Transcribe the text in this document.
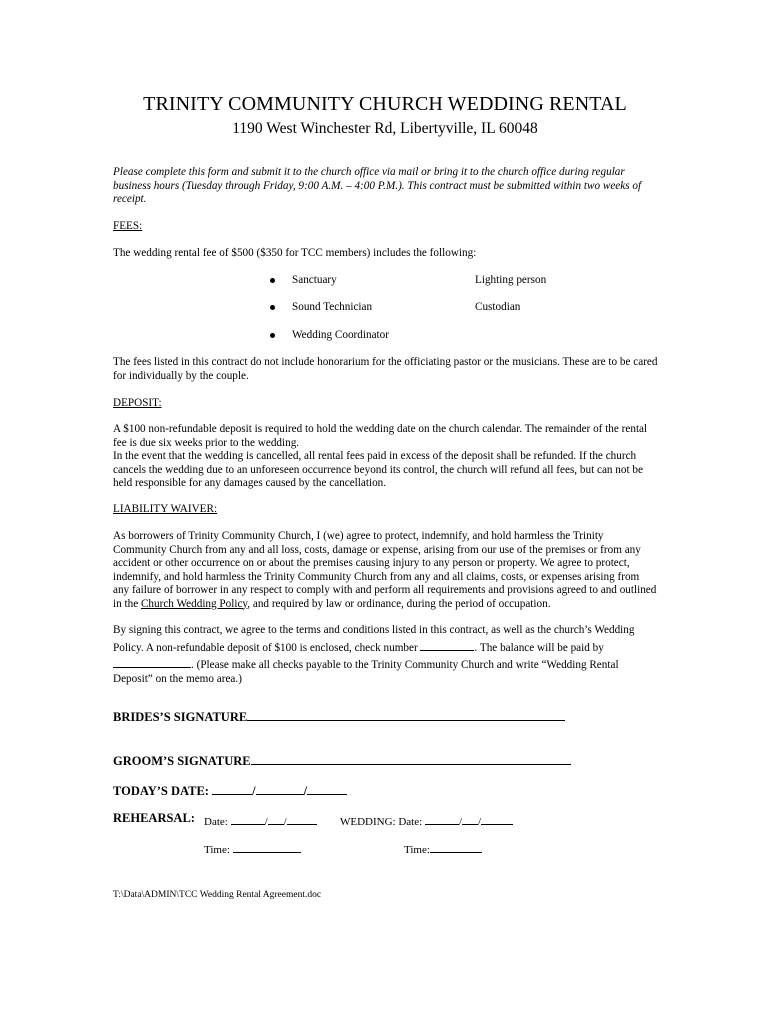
TRINITY COMMUNITY CHURCH WEDDING RENTAL
1190 West Winchester Rd, Libertyville, IL 60048
Please complete this form and submit it to the church office via mail or bring it to the church office during regular business hours (Tuesday through Friday, 9:00 A.M. – 4:00 P.M.). This contract must be submitted within two weeks of receipt.
FEES:
The wedding rental fee of $500 ($350 for TCC members) includes the following:
Sanctuary
Sound Technician
Wedding Coordinator
Lighting person
Custodian
The fees listed in this contract do not include honorarium for the officiating pastor or the musicians. These are to be cared for individually by the couple.
DEPOSIT:
A $100 non-refundable deposit is required to hold the wedding date on the church calendar. The remainder of the rental fee is due six weeks prior to the wedding.
In the event that the wedding is cancelled, all rental fees paid in excess of the deposit shall be refunded. If the church cancels the wedding due to an unforeseen occurrence beyond its control, the church will refund all fees, but can not be held responsible for any damages caused by the cancellation.
LIABILITY WAIVER:
As borrowers of Trinity Community Church, I (we) agree to protect, indemnify, and hold harmless the Trinity Community Church from any and all loss, costs, damage or expense, arising from our use of the premises or from any accident or other occurrence on or about the premises causing injury to any person or property. We agree to protect, indemnify, and hold harmless the Trinity Community Church from any and all claims, costs, or expenses arising from any failure of borrower in any respect to comply with and perform all requirements and provisions agreed to and outlined in the Church Wedding Policy, and required by law or ordinance, during the period of occupation.
By signing this contract, we agree to the terms and conditions listed in this contract, as well as the church’s Wedding Policy. A non-refundable deposit of $100 is enclosed, check number	. The balance will be paid by . (Please make all checks payable to the Trinity Community Church and write “Wedding Rental Deposit” on the memo area.)
BRIDES’S SIGNATURE
GROOM’S SIGNATURE
TODAY’S DATE:	/	/
REHEARSAL: Date:	/ /	WEDDING: Date:	/ /
Time:	Time:
T:\Data\ADMIN\TCC Wedding Rental Agreement.doc
